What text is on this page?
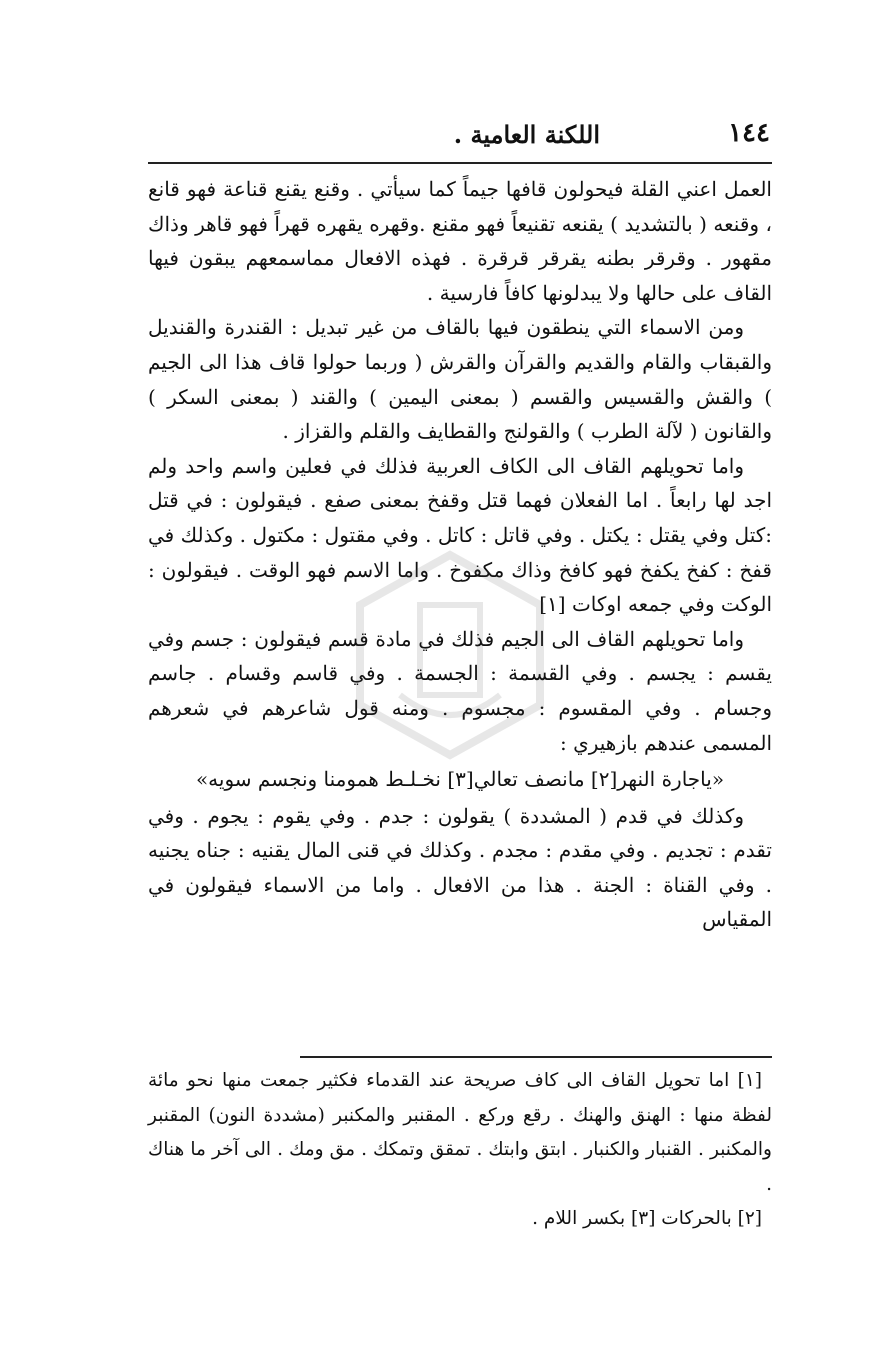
١٤٤
اللكنة العامية .

العمل اعني القلة فيحولون قافها جيماً كما سيأتي . وقنع يقنع قناعة فهو قانع ، وقنعه ( بالتشديد ) يقنعه تقنيعاً فهو مقنع .وقهره يقهره قهراً فهو قاهر وذاك مقهور . وقرقر بطنه يقرقر قرقرة . فهذه الافعال مماسمعهم يبقون فيها القاف على حالها ولا يبدلونها كافاً فارسية .

ومن الاسماء التي ينطقون فيها بالقاف من غير تبديل : القندرة والقنديل والقبقاب والقام والقديم والقرآن والقرش ( وربما حولوا قاف هذا الى الجيم ) والقش والقسيس والقسم ( بمعنى اليمين ) والقند ( بمعنى السكر ) والقانون ( لآلة الطرب ) والقولنج والقطايف والقلم والقزاز .

واما تحويلهم القاف الى الكاف العربية فذلك في فعلين واسم واحد ولم اجد لها رابعاً . اما الفعلان فهما قتل وقفخ بمعنى صفع . فيقولون : في قتل :كتل وفي يقتل : يكتل . وفي قاتل : كاتل . وفي مقتول : مكتول . وكذلك في قفخ : كفخ يكفخ فهو كافخ وذاك مكفوخ . واما الاسم فهو الوقت . فيقولون : الوكت وفي جمعه اوكات [١]

واما تحويلهم القاف الى الجيم فذلك في مادة قسم فيقولون : جسم وفي يقسم : يجسم . وفي القسمة : الجسمة . وفي قاسم وقسام . جاسم وجسام . وفي المقسوم : مجسوم . ومنه قول شاعرهم في شعرهم المسمى عندهم بازهيري :

«ياجارة النهر[٢] مانصف تعالي[٣] نخـلـط همومنا ونجسم سويه»

وكذلك في قدم ( المشددة ) يقولون : جدم . وفي يقوم : يجوم . وفي تقدم : تجديم . وفي مقدم : مجدم . وكذلك في قنى المال يقنيه : جناه يجنيه . وفي القناة : الجنة . هذا من الافعال . واما من الاسماء فيقولون في المقياس

[١] اما تحويل القاف الى كاف صريحة عند القدماء فكثير جمعت منها نحو مائة لفظة منها : الهنق والهنك . رقع وركع . المقنبر والمكنبر (مشددة النون) المقنبر والمكنبر . القنبار والكنبار . ابتق وابتك . تمقق وتمكك . مق ومك . الى آخر ما هناك .

[٢] بالحركات [٣] بكسر اللام .
